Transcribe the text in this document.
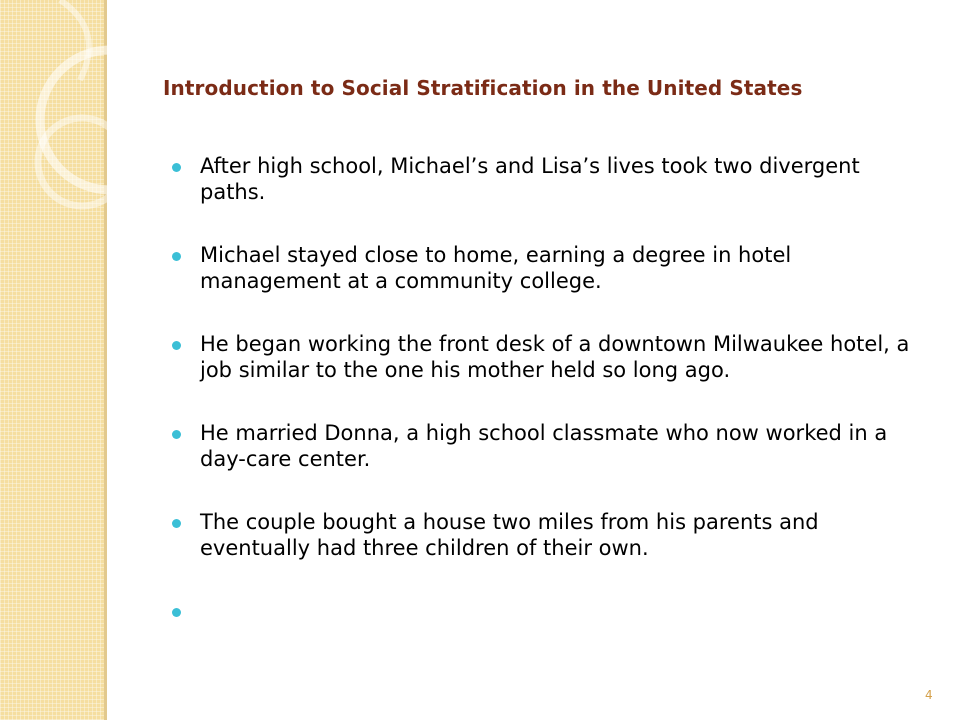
Introduction to Social Stratification in the United States
After high school, Michael’s and Lisa’s lives took two divergent paths.
Michael stayed close to home, earning a degree in hotel management at a community college.
He began working the front desk of a downtown Milwaukee hotel, a job similar to the one his mother held so long ago.
He married Donna, a high school classmate who now worked in a day-care center.
The couple bought a house two miles from his parents and eventually had three children of their own.
4
